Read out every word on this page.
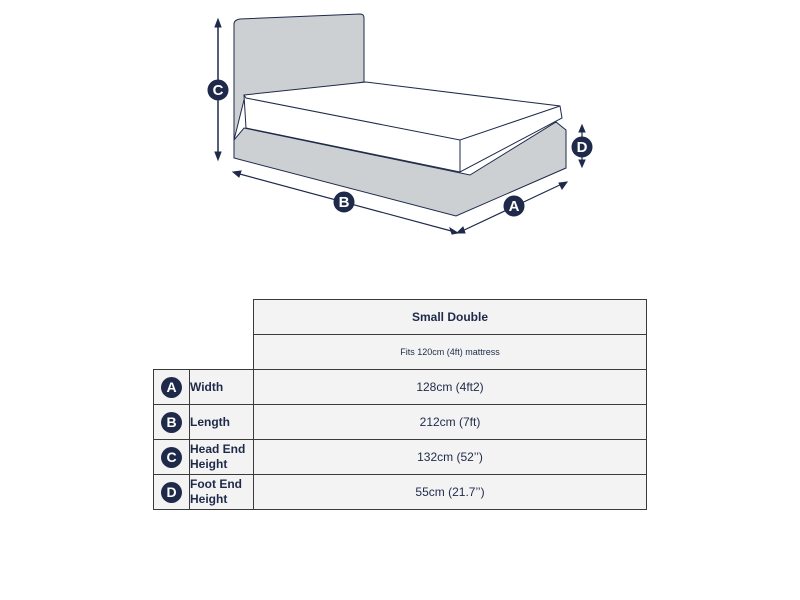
C
B	A
D
		Small Double
		Fits 120cm (4ft) mattress
A	Width	128cm (4ft2)
B	Length	212cm (7ft)
C	Head End Height	132cm (52’’)
D	Foot End Height	55cm (21.7’’)
